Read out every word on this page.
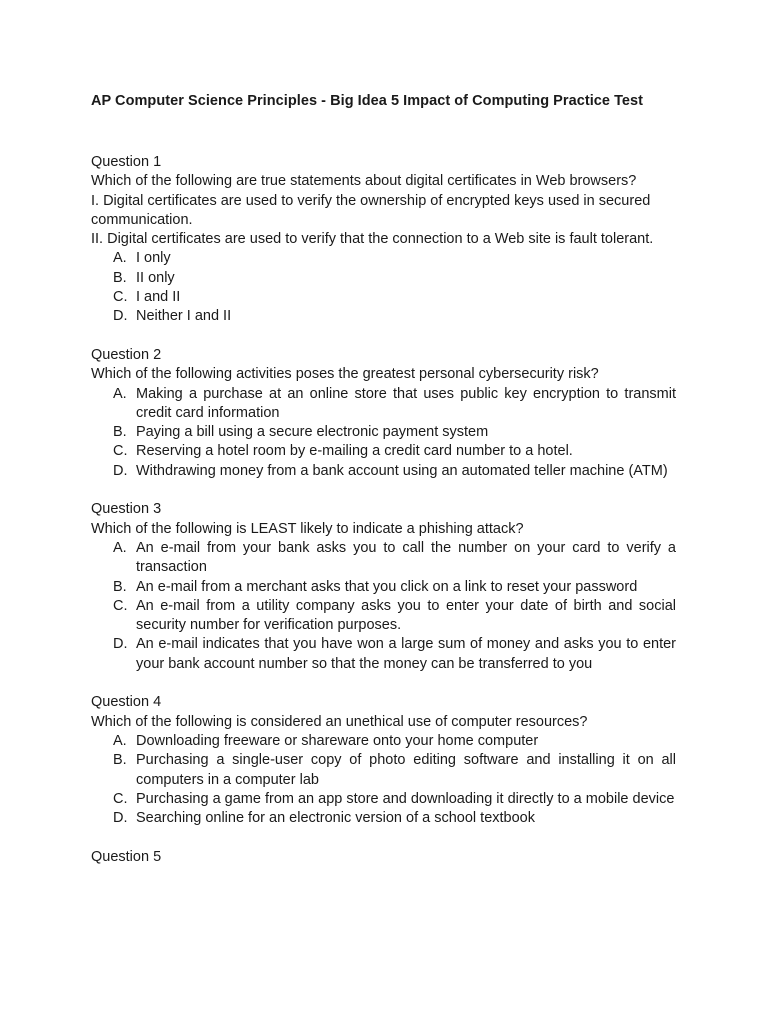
AP Computer Science Principles - Big Idea 5 Impact of Computing Practice Test
Question 1
Which of the following are true statements about digital certificates in Web browsers?
I. Digital certificates are used to verify the ownership of encrypted keys used in secured communication.
II. Digital certificates are used to verify that the connection to a Web site is fault tolerant.
A. I only
B. II only
C. I and II
D. Neither I and II
Question 2
Which of the following activities poses the greatest personal cybersecurity risk?
A. Making a purchase at an online store that uses public key encryption to transmit credit card information
B. Paying a bill using a secure electronic payment system
C. Reserving a hotel room by e-mailing a credit card number to a hotel.
D. Withdrawing money from a bank account using an automated teller machine (ATM)
Question 3
Which of the following is LEAST likely to indicate a phishing attack?
A. An e-mail from your bank asks you to call the number on your card to verify a transaction
B. An e-mail from a merchant asks that you click on a link to reset your password
C. An e-mail from a utility company asks you to enter your date of birth and social security number for verification purposes.
D. An e-mail indicates that you have won a large sum of money and asks you to enter your bank account number so that the money can be transferred to you
Question 4
Which of the following is considered an unethical use of computer resources?
A. Downloading freeware or shareware onto your home computer
B. Purchasing a single-user copy of photo editing software and installing it on all computers in a computer lab
C. Purchasing a game from an app store and downloading it directly to a mobile device
D. Searching online for an electronic version of a school textbook
Question 5
